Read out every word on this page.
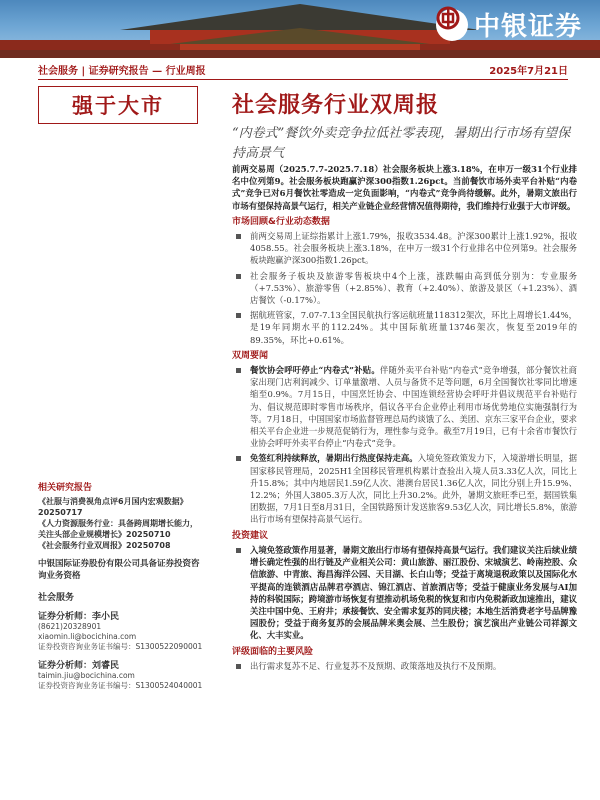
中银证券
社会服务 | 证券研究报告 — 行业周报	2025年7月21日
强于大市	社会服务行业双周报
“内卷式”餐饮外卖竞争拉低社零表现，暑期出行市场有望保持高景气
相关研究报告
《社服与消费視角点评6月国内宏观数据》20250717
《人力资源服务行业：具备跨周期增长能力，关注头部企业规模增长》20250710
《社会服务行业双周报》20250708
中银国际证券股份有限公司具备证券投资咨询业务资格
社会服务
证券分析师：李小民
(8621)20328901
xiaomin.li@bocichina.com
证券投资咨询业务证书编号：S1300522090001
证券分析师：刘睿民
taimin.jiu@bocichina.com
证券投资咨询业务证书编号：S1300524040001

前两交易周（2025.7.7-2025.7.18）社会服务板块上涨3.18%，在申万一级31个行业排名中位列第9。社会服务板块跑赢沪深300指数1.26pct。当前餐饮市场外卖平台补贴“内卷式”竞争已对6月餐饮社零造成一定负面影响，“内卷式”竞争尚待缓解。此外，暑期文旅出行市场有望保持高景气运行，相关产业链企业经营情况值得期待，我们维持行业强于大市评级。

市场回顾&行业动态数据
前两交易周上证综指累计上涨1.79%，报收3534.48。沪深300累计上涨1.92%，报收4058.55。社会服务板块上涨3.18%，在申万一级31个行业排名中位列第9。社会服务板块跑赢沪深300指数1.26pct。
社会服务子板块及旅游零售板块中4个上涨，涨跌幅由高到低分别为：专业服务（+7.53%）、旅游零售（+2.85%）、教育（+2.40%）、旅游及景区（+1.23%）、酒店餐饮（-0.17%）。
据航班管家，7.07-7.13全国民航执行客运航班量118312架次，环比上周增长1.44%，是19年同期水平的112.24%。其中国际航班量13746架次，恢复至2019年的89.35%，环比+0.61%。
双周要闻
餐饮协会呼吁停止“内卷式”补贴。伴随外卖平台补贴“内卷式”竞争增强，部分餐饮社商家出现门店利润减少、订单量激增、人员与备货不足等问题，6月全国餐饮社零同比增速缩至0.9%。7月15日，中国烹饪协会、中国连锁经营协会呼吁并倡议规范平台补贴行为、倡议规范即时零售市场秩序，倡议各平台企业停止利用市场优势地位实施强制行为等。7月18日，中国国家市场监督管理总局约谈饿了么、美团、京东三家平台企业，要求相关平台企业进一步规范促销行为，理性参与竞争。截至7月19日，已有十余省市餐饮行业协会呼吁外卖平台停止“内卷式”竞争。
免签红利持续释放，暑期出行热度保持走高。入境免签政策发力下，入境游增长明显，据国家移民管理局，2025H1全国移民管理机构累计查验出入境人员3.33亿人次，同比上升15.8%；其中内地居民1.59亿人次、港澳台居民1.36亿人次，同比分别上升15.9%、12.2%；外国人3805.3万人次，同比上升30.2%。此外，暑期文旅旺季已至，据国铁集团数据，7月1日至8月31日，全国铁路预计发送旅客9.53亿人次，同比增长5.8%，旅游出行市场有望保持高景气运行。
投资建议
入境免签政策作用显著，暑期文旅出行市场有望保持高景气运行。我们建议关注后续业绩增长确定性强的出行链及产业相关公司：黄山旅游、丽江股份、宋城演艺、岭南控股、众信旅游、中青旅、海昌海洋公园、天目湖、长白山等；受益于离境退税政策以及国际化水平提高的连锁酒店品牌君亭酒店、锦江酒店、首旅酒店等；受益于健康业务发展与AI加持的科锐国际；跨境游市场恢复有望推动机场免税的恢复和市内免税新政加速推出，建议关注中国中免、王府井；承接餐饮、安全需求复苏的同庆楼；本地生活消费老字号品牌豫园股份；受益于商务复苏的会展品牌米奥会展、兰生股份；演艺演出产业链公司祥源文化、大丰实业。
评级面临的主要风险
出行需求复苏不足、行业复苏不及预期、政策落地及执行不及预期。
